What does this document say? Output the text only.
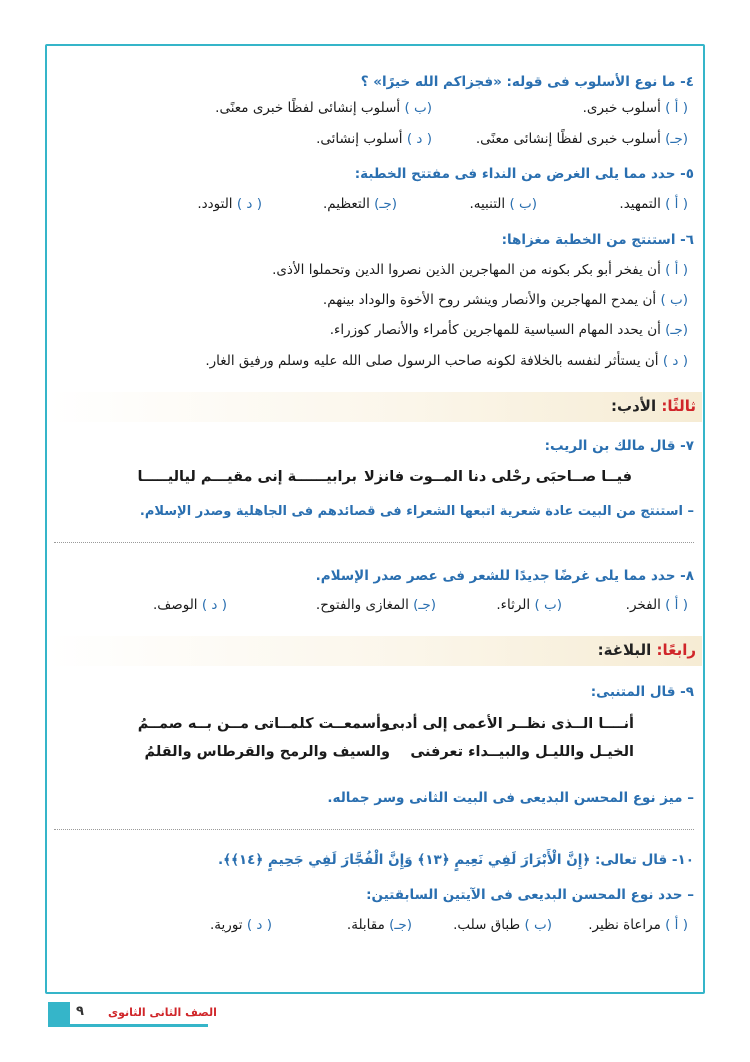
٤- ما نوع الأسلوب فى قوله: «فجزاكم الله خيرًا» ؟
( أ ) أسلوب خبرى.
(ب ) أسلوب إنشائى لفظًا خبرى معنًى.
(جـ) أسلوب خبرى لفظًا إنشائى معنًى.
( د ) أسلوب إنشائى.
٥- حدد مما يلى الغرض من النداء فى مفتتح الخطبة:
( أ ) التمهيد.
(ب ) التنبيه.
(جـ) التعظيم.
( د ) التودد.
٦- استنتج من الخطبة مغزاها:
( أ ) أن يفخر أبو بكر بكونه من المهاجرين الذين نصروا الدين وتحملوا الأذى.
(ب ) أن يمدح المهاجرين والأنصار وينشر روح الأخوة والوداد بينهم.
(جـ) أن يحدد المهام السياسية للمهاجرين كأمراء والأنصار كوزراء.
( د ) أن يستأثر لنفسه بالخلافة لكونه صاحب الرسول صلى الله عليه وسلم ورفيق الغار.
ثالثًا: الأدب:
٧- قال مالك بن الريب:
فيــا صــاحبَى رحْلى دنا المــوت فانزلا
برابيــــــة إنى مقيـــم لياليـــــا
– استنتج من البيت عادة شعرية اتبعها الشعراء فى قصائدهم فى الجاهلية وصدر الإسلام.
٨- حدد مما يلى غرضًا جديدًا للشعر فى عصر صدر الإسلام.
( أ ) الفخر.
(ب ) الرثاء.
(جـ) المغازى والفتوح.
( د ) الوصف.
رابعًا: البلاغة:
٩- قال المتنبى:
أنــــا الــذى نظــر الأعمى إلى أدبى
وأسمعــت كلمــاتى مــن بــه صمــمُ
الخيـل والليـل والبيــداء تعرفنى
والسيف والرمح والقرطاس والقلمُ
– ميز نوع المحسن البديعى فى البيت الثانى وسر جماله.
١٠- قال تعالى: ﴿إِنَّ الْأَبْرَارَ لَفِي نَعِيمٍ ﴿١٣﴾ وَإِنَّ الْفُجَّارَ لَفِي جَحِيمٍ ﴿١٤﴾﴾.
– حدد نوع المحسن البديعى فى الآيتين السابقتين:
( أ ) مراعاة نظير.
(ب ) طباق سلب.
(جـ) مقابلة.
( د ) تورية.
٩	الصف الثانى الثانوى
